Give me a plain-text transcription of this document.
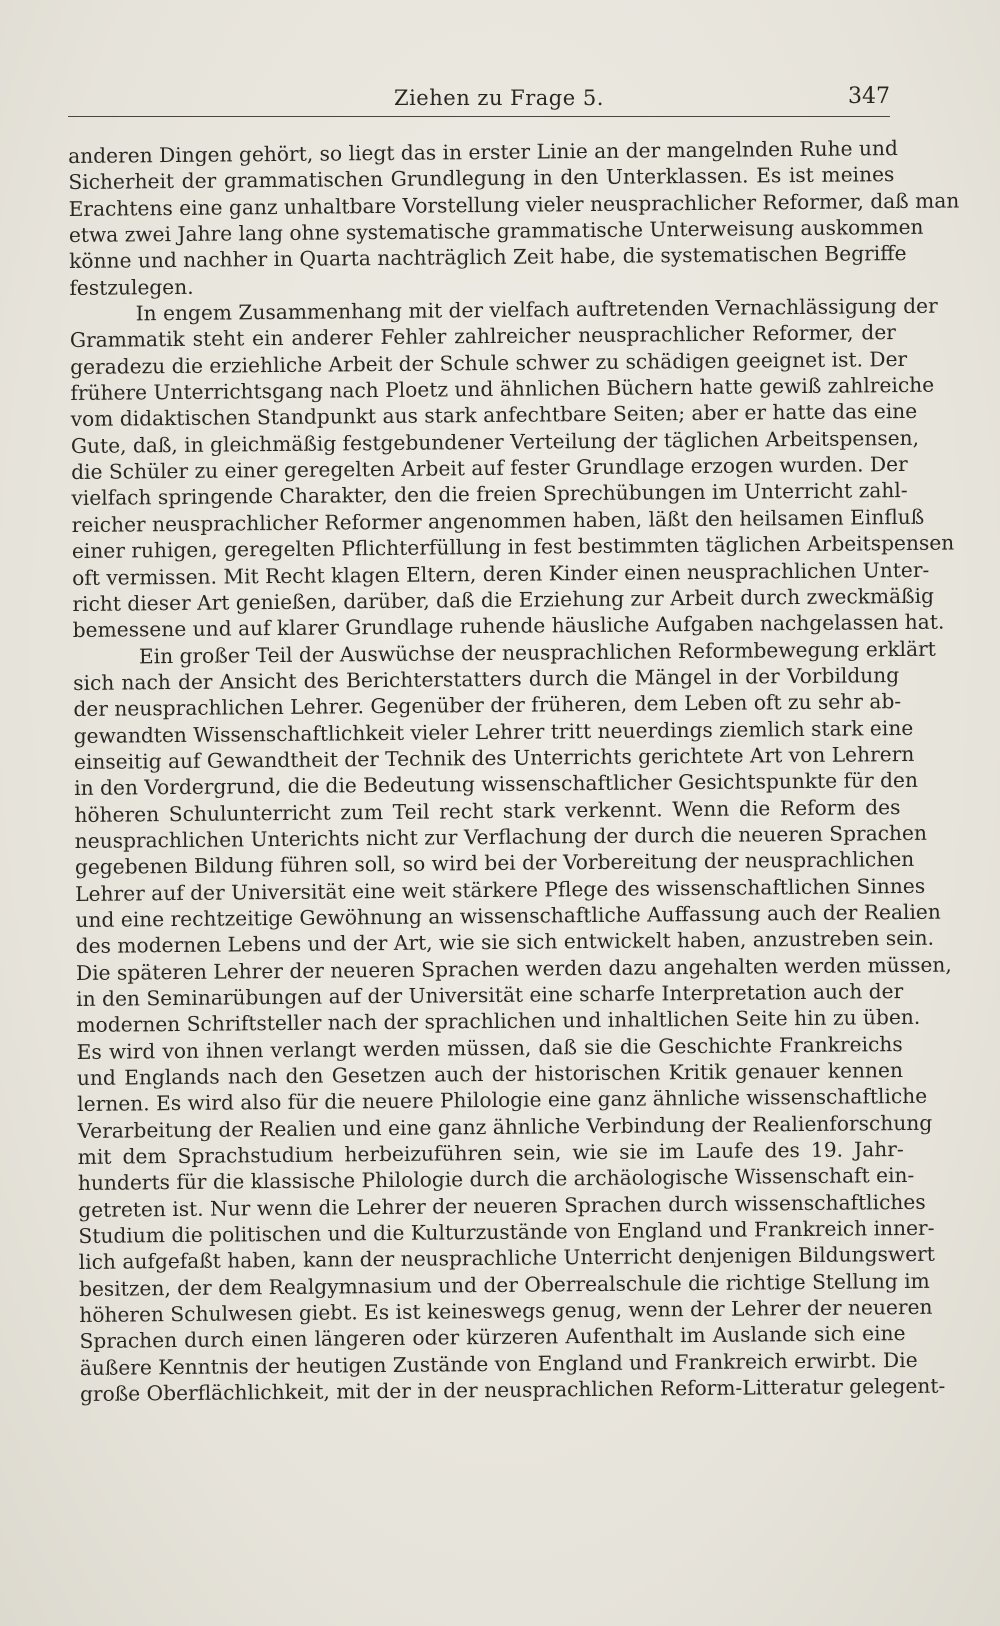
Ziehen zu Frage 5.	347

anderen Dingen gehört, so liegt das in erster Linie an der mangelnden Ruhe und
Sicherheit der grammatischen Grundlegung in den Unterklassen. Es ist meines
Erachtens eine ganz unhaltbare Vorstellung vieler neusprachlicher Reformer, daß man
etwa zwei Jahre lang ohne systematische grammatische Unterweisung auskommen
könne und nachher in Quarta nachträglich Zeit habe, die systematischen Begriffe
festzulegen.

In engem Zusammenhang mit der vielfach auftretenden Vernachlässigung der
Grammatik steht ein anderer Fehler zahlreicher neusprachlicher Reformer, der
geradezu die erziehliche Arbeit der Schule schwer zu schädigen geeignet ist. Der
frühere Unterrichtsgang nach Ploetz und ähnlichen Büchern hatte gewiß zahlreiche
vom didaktischen Standpunkt aus stark anfechtbare Seiten; aber er hatte das eine
Gute, daß, in gleichmäßig festgebundener Verteilung der täglichen Arbeitspensen,
die Schüler zu einer geregelten Arbeit auf fester Grundlage erzogen wurden. Der
vielfach springende Charakter, den die freien Sprechübungen im Unterricht zahl-
reicher neusprachlicher Reformer angenommen haben, läßt den heilsamen Einfluß
einer ruhigen, geregelten Pflichterfüllung in fest bestimmten täglichen Arbeitspensen
oft vermissen. Mit Recht klagen Eltern, deren Kinder einen neusprachlichen Unter-
richt dieser Art genießen, darüber, daß die Erziehung zur Arbeit durch zweckmäßig
bemessene und auf klarer Grundlage ruhende häusliche Aufgaben nachgelassen hat.

Ein großer Teil der Auswüchse der neusprachlichen Reformbewegung erklärt
sich nach der Ansicht des Berichterstatters durch die Mängel in der Vorbildung
der neusprachlichen Lehrer. Gegenüber der früheren, dem Leben oft zu sehr ab-
gewandten Wissenschaftlichkeit vieler Lehrer tritt neuerdings ziemlich stark eine
einseitig auf Gewandtheit der Technik des Unterrichts gerichtete Art von Lehrern
in den Vordergrund, die die Bedeutung wissenschaftlicher Gesichtspunkte für den
höheren Schulunterricht zum Teil recht stark verkennt. Wenn die Reform des
neusprachlichen Unterichts nicht zur Verflachung der durch die neueren Sprachen
gegebenen Bildung führen soll, so wird bei der Vorbereitung der neusprachlichen
Lehrer auf der Universität eine weit stärkere Pflege des wissenschaftlichen Sinnes
und eine rechtzeitige Gewöhnung an wissenschaftliche Auffassung auch der Realien
des modernen Lebens und der Art, wie sie sich entwickelt haben, anzustreben sein.
Die späteren Lehrer der neueren Sprachen werden dazu angehalten werden müssen,
in den Seminarübungen auf der Universität eine scharfe Interpretation auch der
modernen Schriftsteller nach der sprachlichen und inhaltlichen Seite hin zu üben.
Es wird von ihnen verlangt werden müssen, daß sie die Geschichte Frankreichs
und Englands nach den Gesetzen auch der historischen Kritik genauer kennen
lernen. Es wird also für die neuere Philologie eine ganz ähnliche wissenschaftliche
Verarbeitung der Realien und eine ganz ähnliche Verbindung der Realienforschung
mit dem Sprachstudium herbeizuführen sein, wie sie im Laufe des 19. Jahr-
hunderts für die klassische Philologie durch die archäologische Wissenschaft ein-
getreten ist. Nur wenn die Lehrer der neueren Sprachen durch wissenschaftliches
Studium die politischen und die Kulturzustände von England und Frankreich inner-
lich aufgefaßt haben, kann der neusprachliche Unterricht denjenigen Bildungswert
besitzen, der dem Realgymnasium und der Oberrealschule die richtige Stellung im
höheren Schulwesen giebt. Es ist keineswegs genug, wenn der Lehrer der neueren
Sprachen durch einen längeren oder kürzeren Aufenthalt im Auslande sich eine
äußere Kenntnis der heutigen Zustände von England und Frankreich erwirbt. Die
große Oberflächlichkeit, mit der in der neusprachlichen Reform-Litteratur gelegent-
